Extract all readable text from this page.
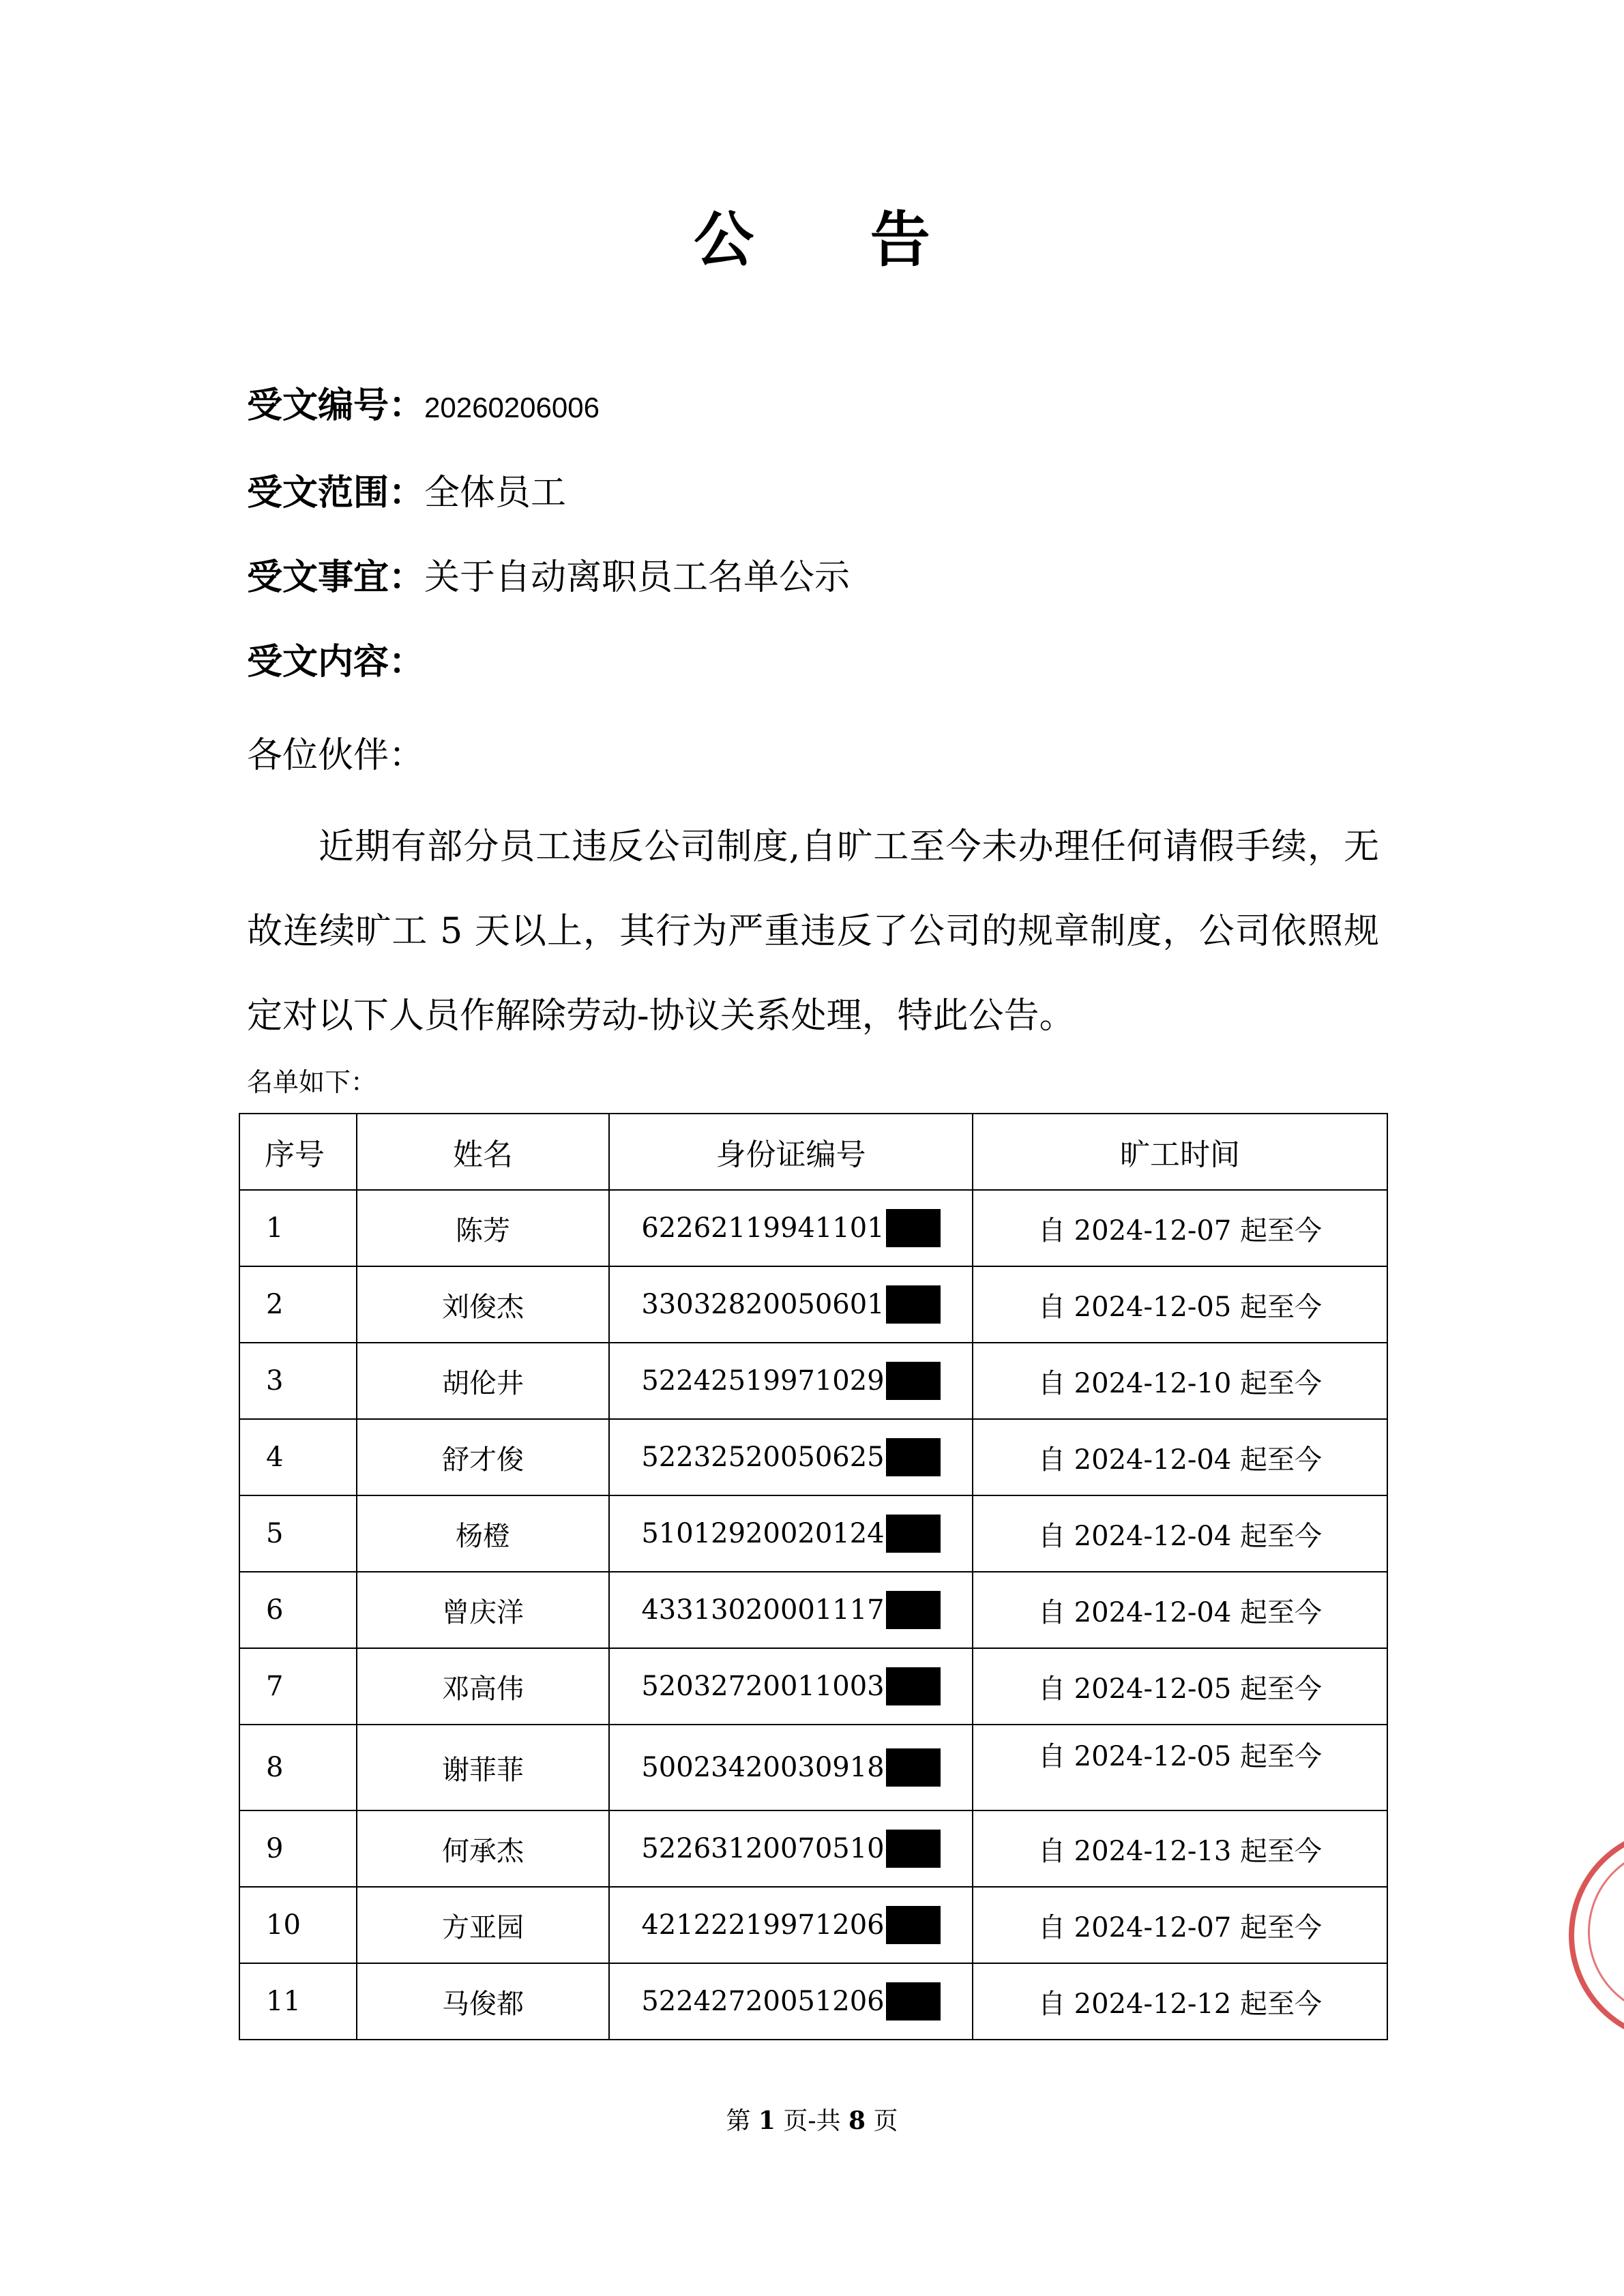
公 告
受文编号：20260206006
受文范围：全体员工
受文事宜：关于自动离职员工名单公示
受文内容：
各位伙伴：
近期有部分员工违反公司制度,自旷工至今未办理任何请假手续，无故连续旷工 5 天以上，其行为严重违反了公司的规章制度，公司依照规定对以下人员作解除劳动-协议关系处理，特此公告。
名单如下：
序号	姓名	身份证编号	旷工时间
1	陈芳	62262119941101	自 2024-12-07 起至今
2	刘俊杰	33032820050601	自 2024-12-05 起至今
3	胡伦井	52242519971029	自 2024-12-10 起至今
4	舒才俊	52232520050625	自 2024-12-04 起至今
5	杨橙	51012920020124	自 2024-12-04 起至今
6	曾庆洋	43313020001117	自 2024-12-04 起至今
7	邓高伟	52032720011003	自 2024-12-05 起至今
8	谢菲菲	50023420030918	自 2024-12-05 起至今
9	何承杰	52263120070510	自 2024-12-13 起至今
10	方亚园	42122219971206	自 2024-12-07 起至今
11	马俊都	52242720051206	自 2024-12-12 起至今
第 1 页-共 8 页
